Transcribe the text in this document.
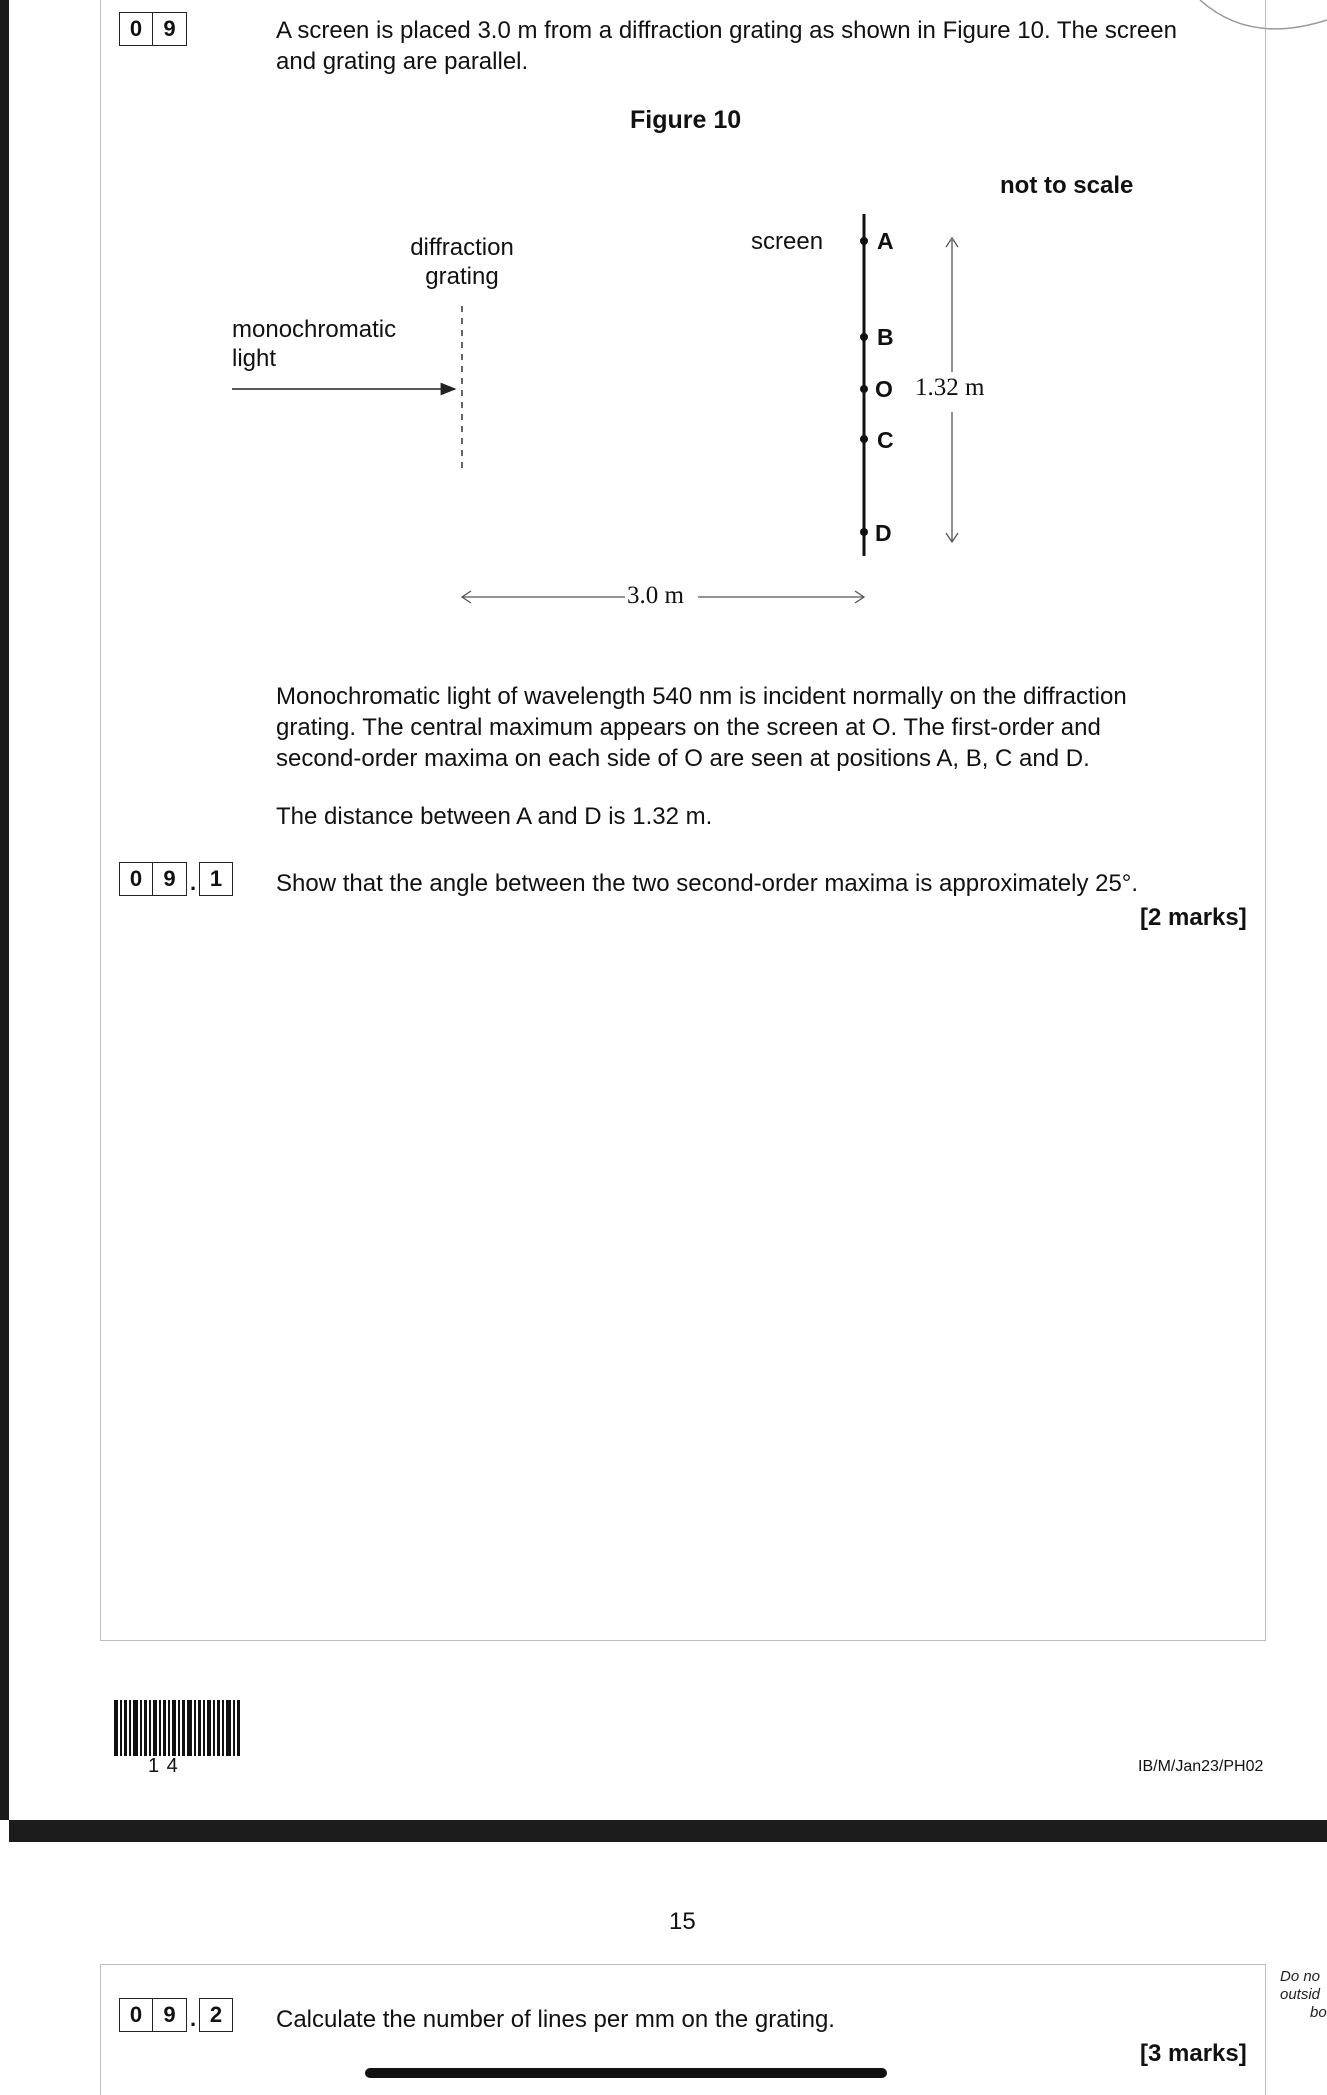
0 9	A screen is placed 3.0 m from a diffraction grating as shown in Figure 10. The screen
and grating are parallel.
Figure 10
not to scale
diffraction
grating
monochromatic
light
screen A
B
O
C
D
1.32 m
3.0 m
Monochromatic light of wavelength 540 nm is incident normally on the diffraction
grating. The central maximum appears on the screen at O. The first-order and
second-order maxima on each side of O are seen at positions A, B, C and D.
The distance between A and D is 1.32 m.
0 9 . 1	Show that the angle between the two second-order maxima is approximately 25°.
[2 marks]
1 4	IB/M/Jan23/PH02
15
Do no
outsid
bo
0 9 . 2	Calculate the number of lines per mm on the grating.
[3 marks]
